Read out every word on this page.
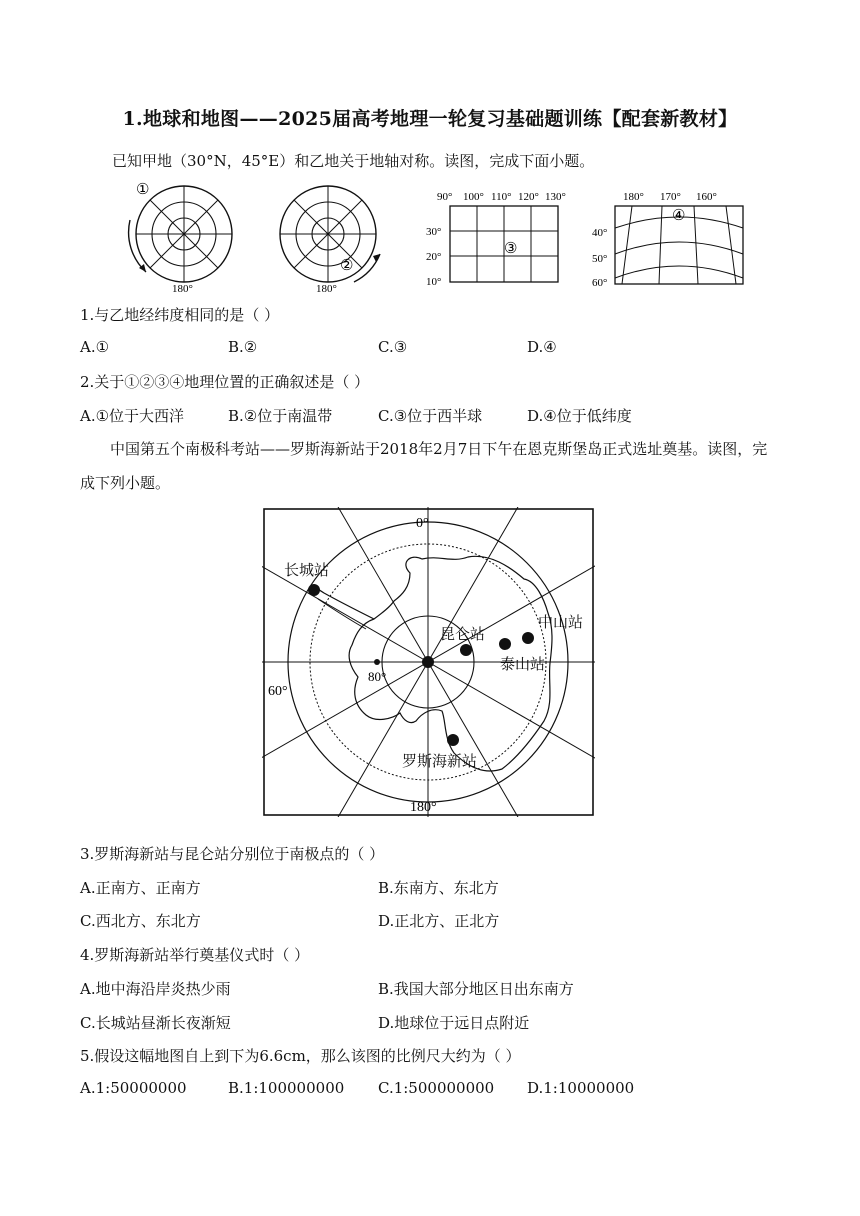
1.地球和地图——2025届高考地理一轮复习基础题训练【配套新教材】
已知甲地（30°N，45°E）和乙地关于地轴对称。读图，完成下面小题。
①
180°
②
180°
90° 100° 110° 120° 130°
30°
20°
10°
③
180° 170° 160°
40°
50°
60°
④
1.与乙地经纬度相同的是（ ）
A.①	B.②	C.③	D.④
2.关于①②③④地理位置的正确叙述是（ ）
A.①位于大西洋	B.②位于南温带	C.③位于西半球	D.④位于低纬度
中国第五个南极科考站——罗斯海新站于2018年2月7日下午在恩克斯堡岛正式选址奠基。读图，完成下列小题。
0°
180°
60°
80°
长城站
昆仑站
中山站
泰山站
罗斯海新站
3.罗斯海新站与昆仑站分别位于南极点的（ ）
A.正南方、正南方	B.东南方、东北方
C.西北方、东北方	D.正北方、正北方
4.罗斯海新站举行奠基仪式时（ ）
A.地中海沿岸炎热少雨	B.我国大部分地区日出东南方
C.长城站昼渐长夜渐短	D.地球位于远日点附近
5.假设这幅地图自上到下为6.6cm，那么该图的比例尺大约为（ ）
A.1:50000000	B.1:100000000 C.1:500000000 D.1:10000000
